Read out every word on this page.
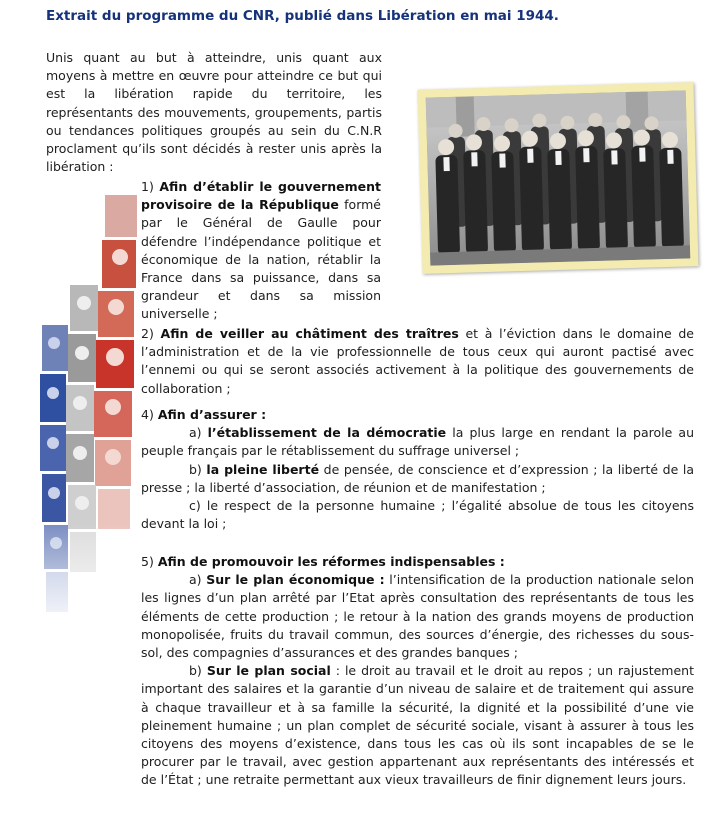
Extrait du programme du CNR, publié dans Libération en mai 1944.

Unis quant au but à atteindre, unis quant aux moyens à mettre en œuvre pour atteindre ce but qui est la libération rapide du territoire, les représentants des mouvements, groupements, partis ou tendances politiques groupés au sein du C.N.R proclament qu’ils sont décidés à rester unis après la libération :

1) Afin d’établir le gouvernement provisoire de la République formé par le Général de Gaulle pour défendre l’indépendance politique et économique de la nation, rétablir la France dans sa puissance, dans sa grandeur et dans sa mission universelle ;

2) Afin de veiller au châtiment des traîtres et à l’éviction dans le domaine de l’administration et de la vie professionnelle de tous ceux qui auront pactisé avec l’ennemi ou qui se seront associés activement à la politique des gouvernements de collaboration ;

4) Afin d’assurer :
a) l’établissement de la démocratie la plus large en rendant la parole au peuple français par le rétablissement du suffrage universel ;
b) la pleine liberté de pensée, de conscience et d’expression ; la liberté de la presse ; la liberté d’association, de réunion et de manifestation ;
c) le respect de la personne humaine ; l’égalité absolue de tous les citoyens devant la loi ;
5) Afin de promouvoir les réformes indispensables :
a) Sur le plan économique : l’intensification de la production nationale selon les lignes d’un plan arrêté par l’Etat après consultation des représentants de tous les éléments de cette production ; le retour à la nation des grands moyens de production monopolisée, fruits du travail commun, des sources d’énergie, des richesses du sous-sol, des compagnies d’assurances et des grandes banques ;
b) Sur le plan social : le droit au travail et le droit au repos ; un rajustement important des salaires et la garantie d’un niveau de salaire et de traitement qui assure à chaque travailleur et à sa famille la sécurité, la dignité et la possibilité d’une vie pleinement humaine ; un plan complet de sécurité sociale, visant à assurer à tous les citoyens des moyens d’existence, dans tous les cas où ils sont incapables de se le procurer par le travail, avec gestion appartenant aux représentants des intéressés et de l’État ; une retraite permettant aux vieux travailleurs de finir dignement leurs jours.
